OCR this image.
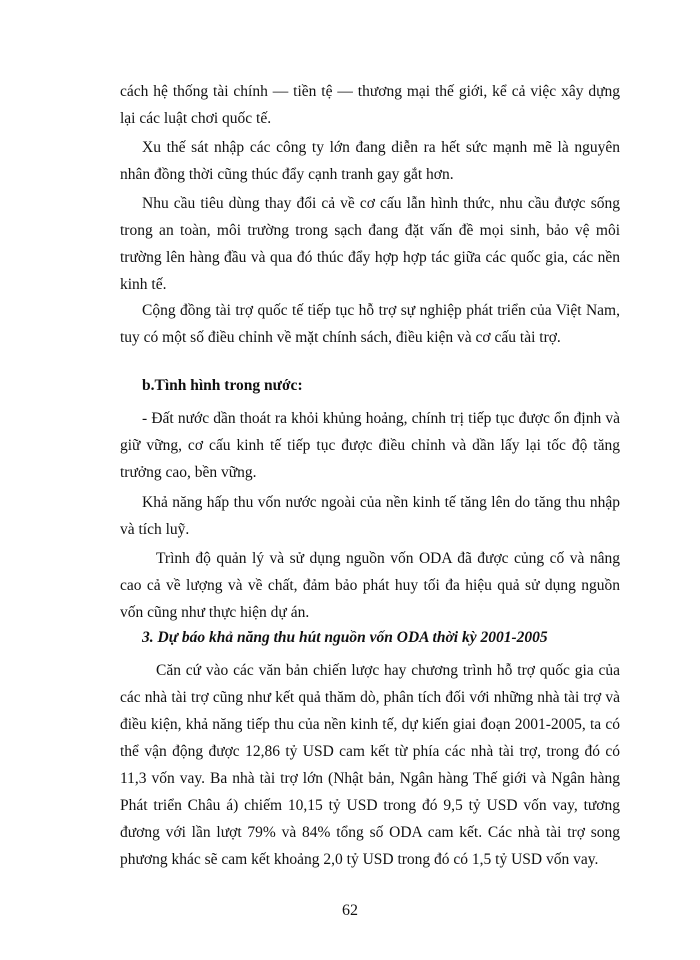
cách hệ thống tài chính — tiền tệ — thương mại thế giới, kể cả việc xây dựng lại các luật chơi quốc tế.

Xu thế sát nhập các công ty lớn đang diễn ra hết sức mạnh mẽ là nguyên nhân đồng thời cũng thúc đẩy cạnh tranh gay gắt hơn.

Nhu cầu tiêu dùng thay đổi cả về cơ cấu lẫn hình thức, nhu cầu được sống trong an toàn, môi trường trong sạch đang đặt vấn đề mọi sinh, bảo vệ môi trường lên hàng đầu và qua đó thúc đẩy hợp hợp tác giữa các quốc gia, các nền kinh tế.

Cộng đồng tài trợ quốc tế tiếp tục hỗ trợ sự nghiệp phát triển của Việt Nam, tuy có một số điều chỉnh về mặt chính sách, điều kiện và cơ cấu tài trợ.

b.Tình hình trong nước:

- Đất nước dần thoát ra khỏi khủng hoảng, chính trị tiếp tục được ổn định và giữ vững, cơ cấu kinh tế tiếp tục được điều chỉnh và dần lấy lại tốc độ tăng trưởng cao, bền vững.

Khả năng hấp thu vốn nước ngoài của nền kinh tế tăng lên do tăng thu nhập và tích luỹ.

Trình độ quản lý và sử dụng nguồn vốn ODA đã được củng cố và nâng cao cả về lượng và về chất, đảm bảo phát huy tối đa hiệu quả sử dụng nguồn vốn cũng như thực hiện dự án.

3. Dự báo khả năng thu hút nguồn vốn ODA thời kỳ 2001-2005

Căn cứ vào các văn bản chiến lược hay chương trình hỗ trợ quốc gia của các nhà tài trợ cũng như kết quả thăm dò, phân tích đối với những nhà tài trợ và điều kiện, khả năng tiếp thu của nền kinh tế, dự kiến giai đoạn 2001-2005, ta có thể vận động được 12,86 tỷ USD cam kết từ phía các nhà tài trợ, trong đó có 11,3 vốn vay. Ba nhà tài trợ lớn (Nhật bản, Ngân hàng Thế giới và Ngân hàng Phát triển Châu á) chiếm 10,15 tỷ USD trong đó 9,5 tỷ USD vốn vay, tương đương với lần lượt 79% và 84% tổng số ODA cam kết. Các nhà tài trợ song phương khác sẽ cam kết khoảng 2,0 tỷ USD trong đó có 1,5 tỷ USD vốn vay.

62
